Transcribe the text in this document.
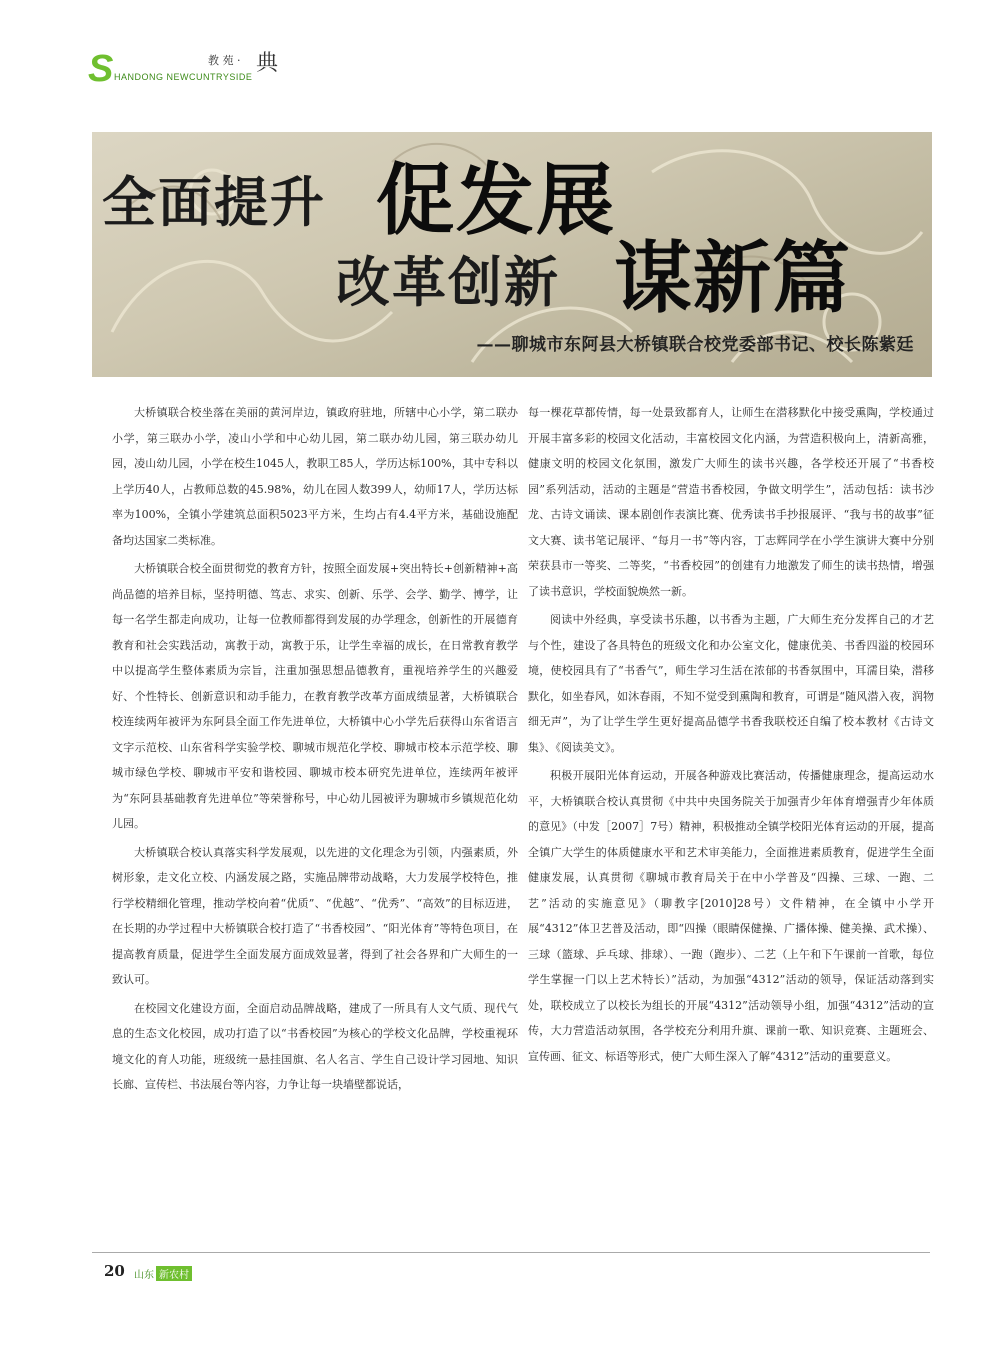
S HANDONG NEWCUNTRYSIDE
教 苑 · 典
全面提升 促发展
改革创新 谋新篇
——聊城市东阿县大桥镇联合校党委部书记、校长陈紫廷

大桥镇联合校坐落在美丽的黄河岸边，镇政府驻地，所辖中心小学，第二联办小学，第三联办小学，凌山小学和中心幼儿园，第二联办幼儿园，第三联办幼儿园，凌山幼儿园，小学在校生1045人，教职工85人，学历达标100%，其中专科以上学历40人，占教师总数的45.98%，幼儿在园人数399人，幼师17人，学历达标率为100%，全镇小学建筑总面积5023平方米，生均占有4.4平方米，基础设施配备均达国家二类标准。

大桥镇联合校全面贯彻党的教育方针，按照全面发展+突出特长+创新精神+高尚品德的培养目标，坚持明德、笃志、求实、创新、乐学、会学、勤学、博学，让每一名学生都走向成功，让每一位教师都得到发展的办学理念，创新性的开展德育教育和社会实践活动，寓教于动，寓教于乐，让学生幸福的成长，在日常教育教学中以提高学生整体素质为宗旨，注重加强思想品德教育，重视培养学生的兴趣爱好、个性特长、创新意识和动手能力，在教育教学改革方面成绩显著，大桥镇联合校连续两年被评为东阿县全面工作先进单位，大桥镇中心小学先后获得山东省语言文字示范校、山东省科学实验学校、聊城市规范化学校、聊城市校本示范学校、聊城市绿色学校、聊城市平安和谐校园、聊城市校本研究先进单位，连续两年被评为“东阿县基础教育先进单位”等荣誉称号，中心幼儿园被评为聊城市乡镇规范化幼儿园。

大桥镇联合校认真落实科学发展观，以先进的文化理念为引领，内强素质，外树形象，走文化立校、内涵发展之路，实施品牌带动战略，大力发展学校特色，推行学校精细化管理，推动学校向着“优质”、“优越”、“优秀”、“高效”的目标迈进，在长期的办学过程中大桥镇联合校打造了“书香校园”、“阳光体育”等特色项目，在提高教育质量，促进学生全面发展方面成效显著，得到了社会各界和广大师生的一致认可。

在校园文化建设方面，全面启动品牌战略，建成了一所具有人文气质、现代气息的生态文化校园，成功打造了以“书香校园”为核心的学校文化品牌，学校重视环境文化的育人功能，班级统一悬挂国旗、名人名言、学生自己设计学习园地、知识长廊、宣传栏、书法展台等内容，力争让每一块墙壁都说话，

每一棵花草都传情，每一处景致都育人，让师生在潜移默化中接受熏陶，学校通过开展丰富多彩的校园文化活动，丰富校园文化内涵，为营造积极向上，清新高雅，健康文明的校园文化氛围，激发广大师生的读书兴趣，各学校还开展了“书香校园”系列活动，活动的主题是“营造书香校园，争做文明学生”，活动包括：读书沙龙、古诗文诵读、课本剧创作表演比赛、优秀读书手抄报展评、“我与书的故事”征文大赛、读书笔记展评、“每月一书”等内容，丁志辉同学在小学生演讲大赛中分别荣获县市一等奖、二等奖，“书香校园”的创建有力地激发了师生的读书热情，增强了读书意识，学校面貌焕然一新。

阅读中外经典，享受读书乐趣，以书香为主题，广大师生充分发挥自己的才艺与个性，建设了各具特色的班级文化和办公室文化，健康优美、书香四溢的校园环境，使校园具有了“书香气”，师生学习生活在浓郁的书香氛围中，耳濡目染，潜移默化，如坐春风，如沐春雨，不知不觉受到熏陶和教育，可谓是“随风潜入夜，润物细无声”，为了让学生学生更好提高品德学书香我联校还自编了校本教材《古诗文集》、《阅读美文》。

积极开展阳光体育运动，开展各种游戏比赛活动，传播健康理念，提高运动水平，大桥镇联合校认真贯彻《中共中央国务院关于加强青少年体育增强青少年体质的意见》（中发［2007］7号）精神，积极推动全镇学校阳光体育运动的开展，提高全镇广大学生的体质健康水平和艺术审美能力，全面推进素质教育，促进学生全面健康发展，认真贯彻《聊城市教育局关于在中小学普及“四操、三球、一跑、二艺”活动的实施意见》（聊教字[2010]28号）文件精神，在全镇中小学开展“4312”体卫艺普及活动，即“四操（眼睛保健操、广播体操、健美操、武术操）、三球（篮球、乒乓球、排球）、一跑（跑步）、二艺（上午和下午课前一首歌，每位学生掌握一门以上艺术特长）”活动，为加强“4312”活动的领导，保证活动落到实处，联校成立了以校长为组长的开展“4312”活动领导小组，加强“4312”活动的宣传，大力营造活动氛围，各学校充分利用升旗、课前一歌、知识竞赛、主题班会、宣传画、征文、标语等形式，使广大师生深入了解“4312”活动的重要意义。

20 山东 新农村
